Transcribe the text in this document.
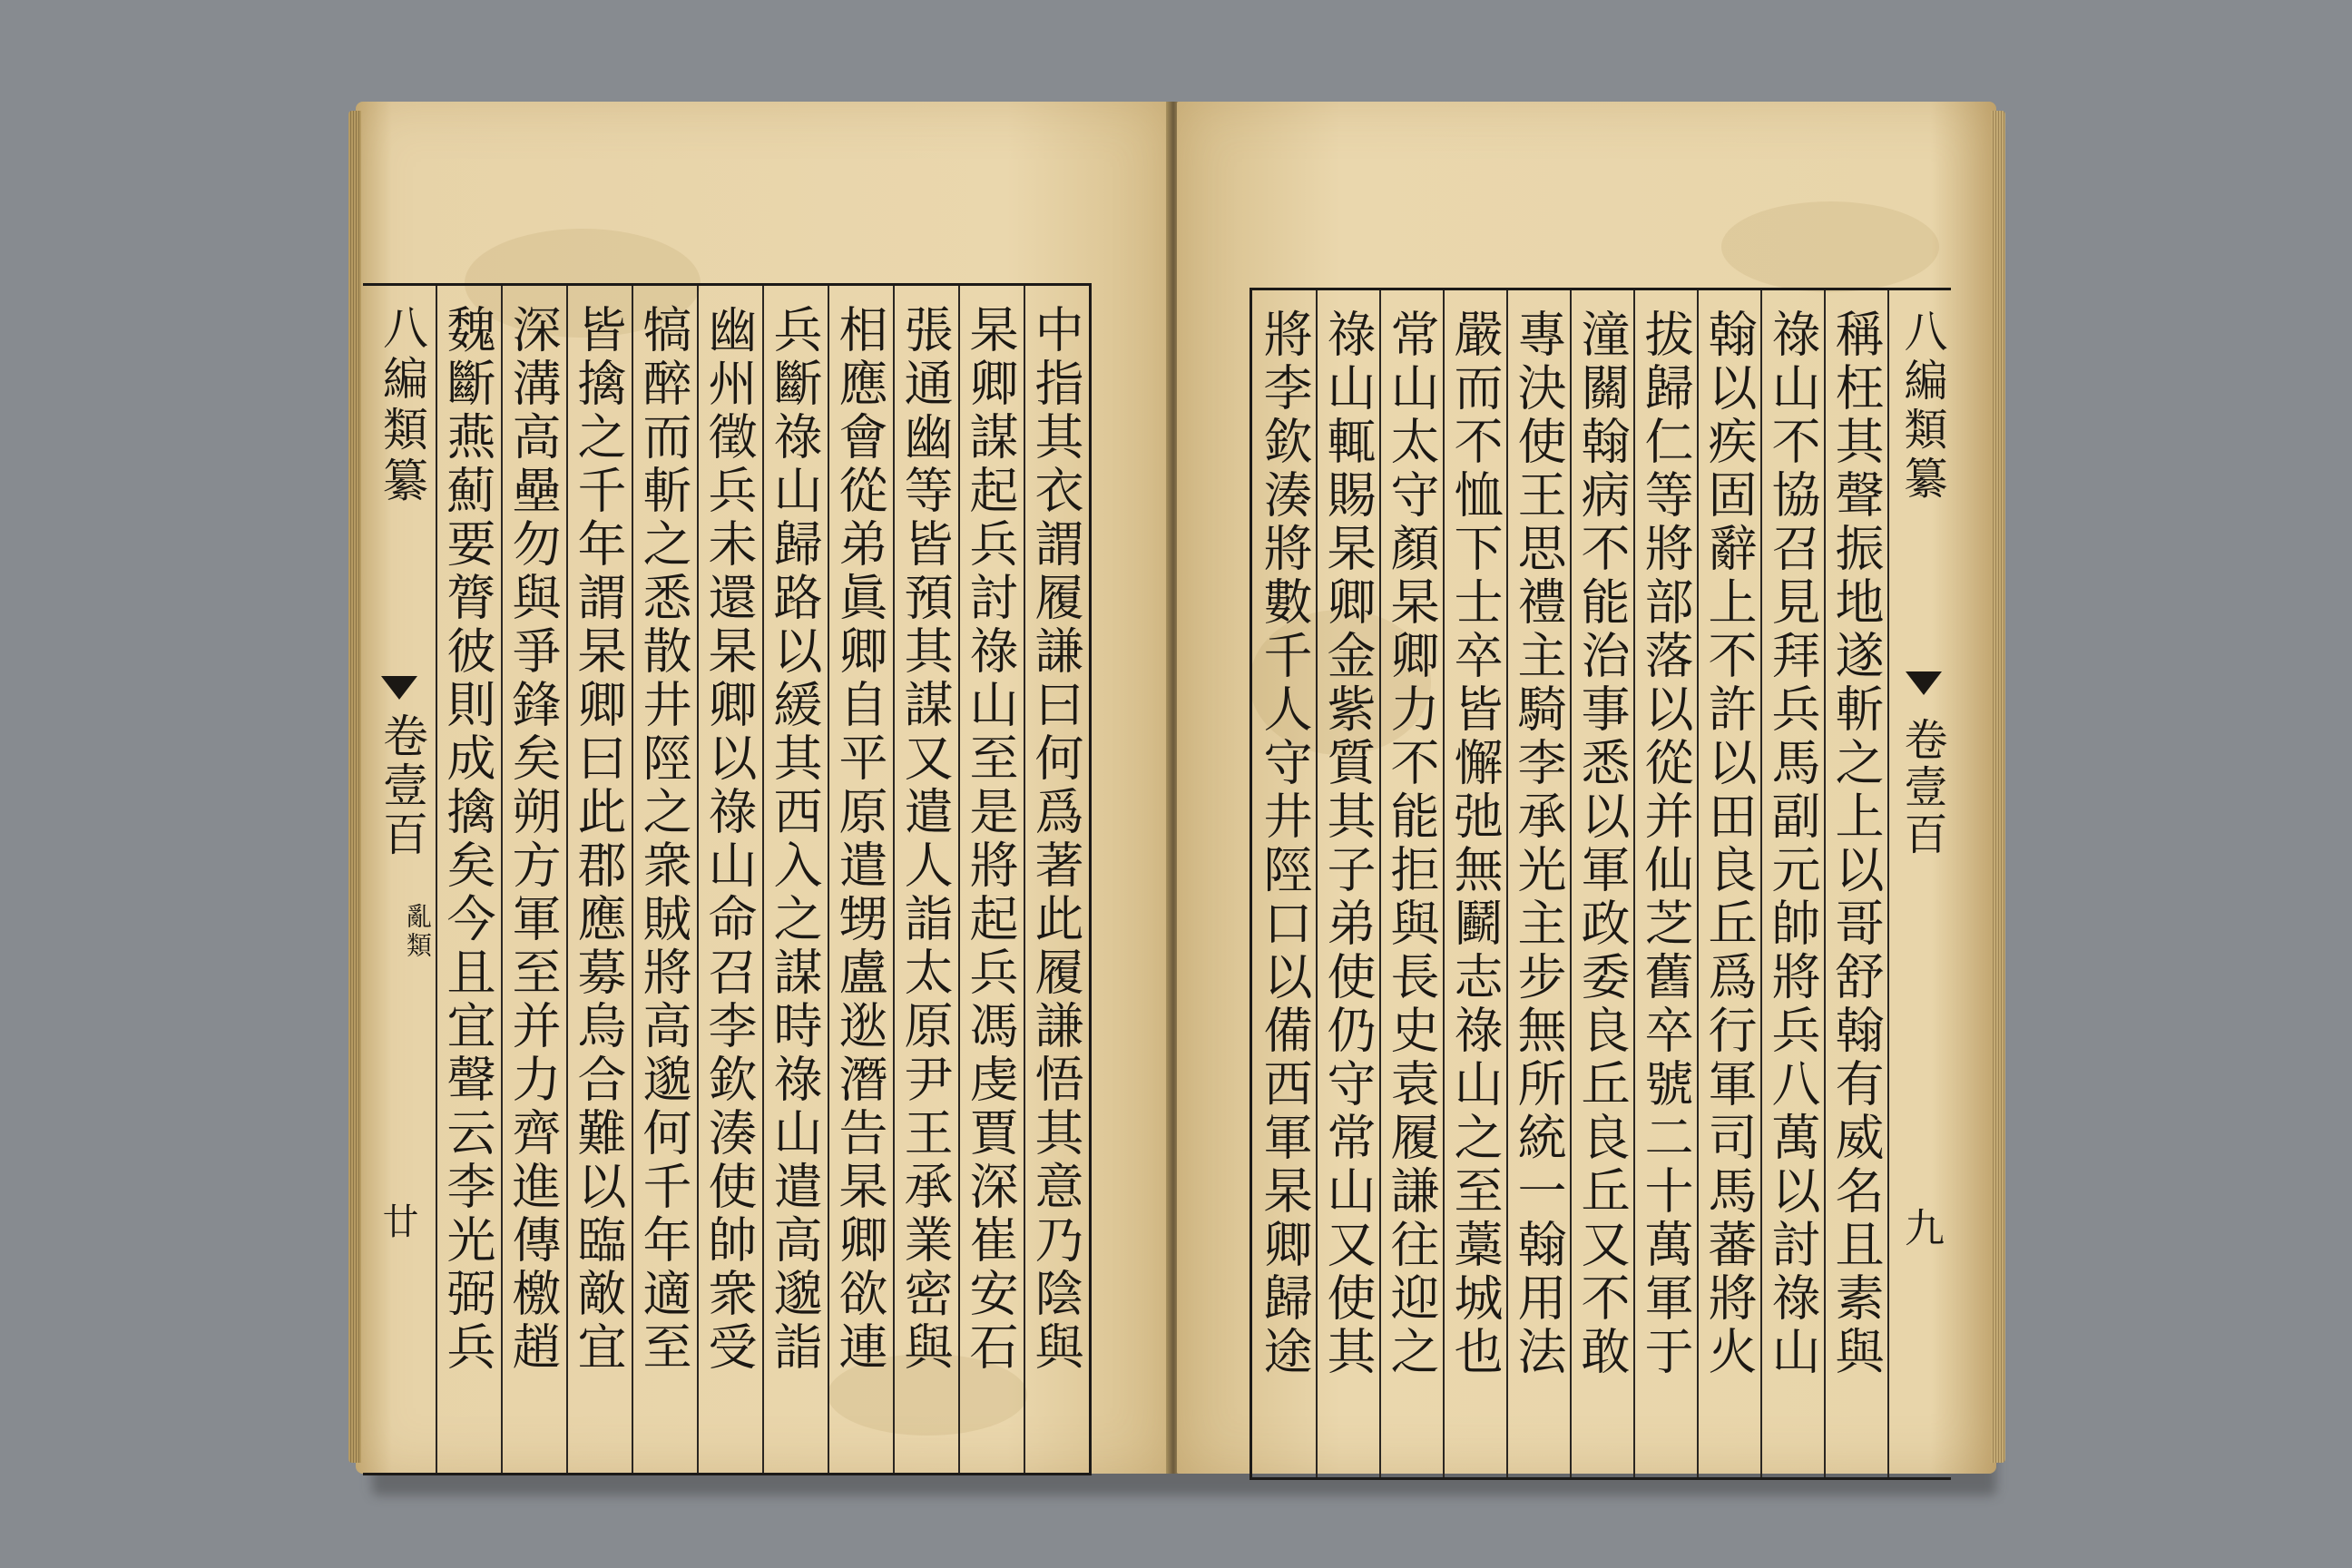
八編類纂
卷壹百
亂類
廿	中指其衣謂履謙曰何爲著此履謙悟其意乃陰與
杲卿謀起兵討祿山至是將起兵馮虔賈深崔安石
張通幽等皆預其謀又遣人詣太原尹王承業密與
相應會從弟眞卿自平原遣甥盧逖潛告杲卿欲連
兵斷祿山歸路以緩其西入之謀時祿山遣高邈詣
幽州徵兵未還杲卿以祿山命召李欽湊使帥衆受
犒醉而斬之悉散井陘之衆賊將高邈何千年適至
皆擒之千年謂杲卿曰此郡應募烏合難以臨敵宜
深溝高壘勿與爭鋒矣朔方軍至并力齊進傳檄趙
魏斷燕薊要膂彼則成擒矣今且宜聲云李光弼兵	稱枉其聲振地遂斬之上以哥舒翰有威名且素與
祿山不協召見拜兵馬副元帥將兵八萬以討祿山
翰以疾固辭上不許以田良丘爲行軍司馬蕃將火
拔歸仁等將部落以從并仙芝舊卒號二十萬軍于
潼關翰病不能治事悉以軍政委良丘良丘又不敢
專決使王思禮主騎李承光主步無所統一翰用法
嚴而不恤下士卒皆懈弛無鬬志祿山之至藁城也
常山太守顏杲卿力不能拒與長史袁履謙往迎之
祿山輒賜杲卿金紫質其子弟使仍守常山又使其
將李欽湊將數千人守井陘口以備西軍杲卿歸途	八編類纂
卷壹百
九
